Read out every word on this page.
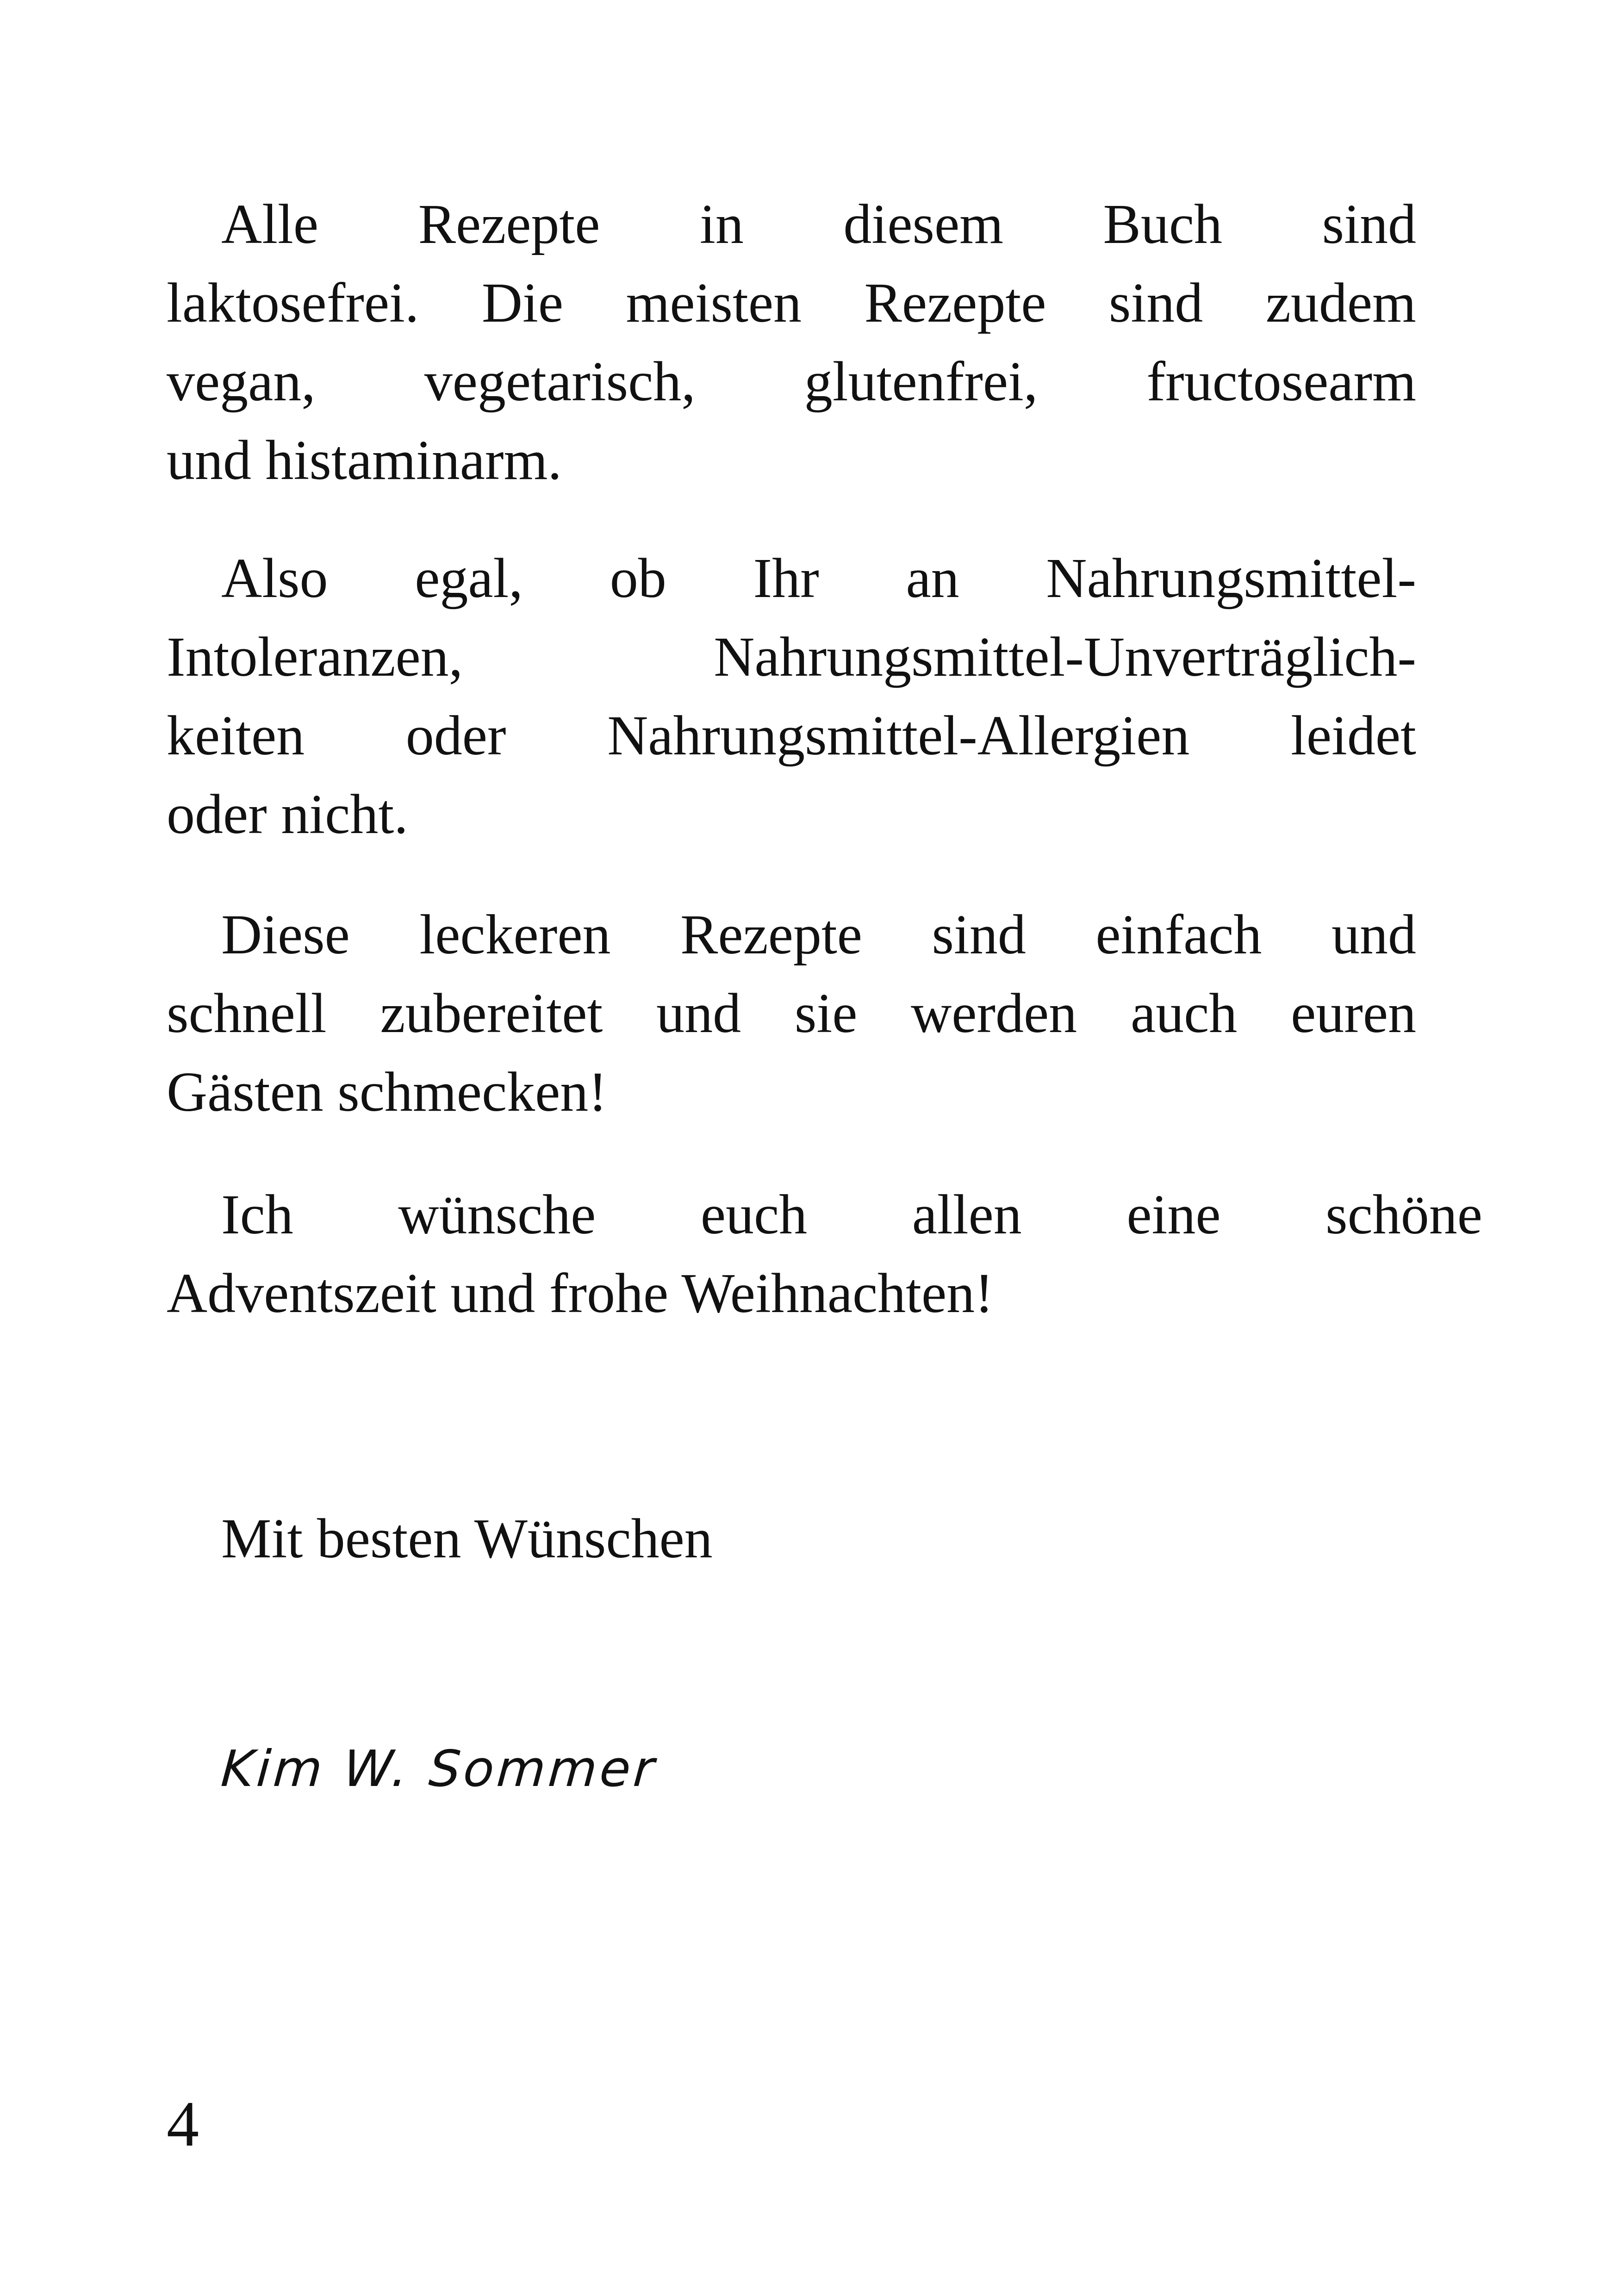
Alle Rezepte in diesem Buch sind
laktosefrei. Die meisten Rezepte sind zudem
vegan, vegetarisch, glutenfrei, fructosearm
und histaminarm.
Also egal, ob Ihr an Nahrungsmittel-
Intoleranzen,	Nahrungsmittel-Unverträglich-
keiten oder Nahrungsmittel-Allergien leidet
oder nicht.
Diese leckeren Rezepte sind einfach und
schnell zubereitet und sie werden auch euren
Gästen schmecken!
Ich wünsche euch allen eine schöne
Adventszeit und frohe Weihnachten!
Mit besten Wünschen
Kim W. Sommer
4
